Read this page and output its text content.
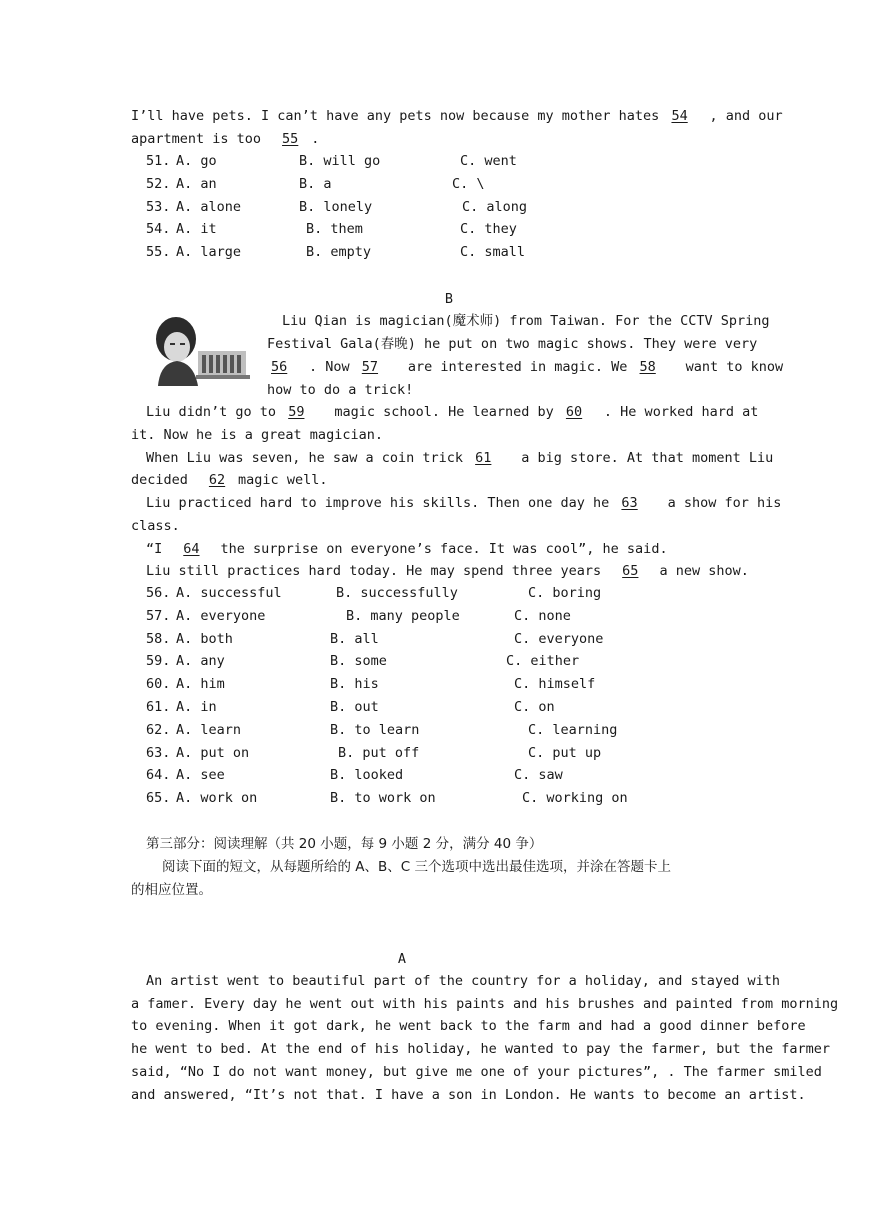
I’ll have pets. I can’t have any pets now because my mother hates 54 , and our
apartment is too 55 .
51. A. go	B. will go	C. went
52. A. an	B. a	C. \
53. A. alone	B. lonely	C. along
54. A. it	B. them	C. they
55. A. large	B. empty	C. small
B
Liu Qian is magician(魔术师) from Taiwan. For the CCTV Spring
Festival Gala(春晚) he put on two magic shows. They were very
56 . Now 57 are interested in magic. We 58 want to know
how to do a trick!
Liu didn’t go to 59 magic school. He learned by 60 . He worked hard at
it. Now he is a great magician.
When Liu was seven, he saw a coin trick 61 a big store. At that moment Liu
decided 62 magic well.
Liu practiced hard to improve his skills. Then one day he 63 a show for his
class.
“I 64 the surprise on everyone’s face. It was cool”, he said.
Liu still practices hard today. He may spend three years 65 a new show.
56. A. successful	B. successfully	C. boring
57. A. everyone	B. many people	C. none
58. A. both	B. all	C. everyone
59. A. any	B. some	C. either
60. A. him	B. his	C. himself
61. A. in	B. out	C. on
62. A. learn	B. to learn	C. learning
63. A. put on	B. put off	C. put up
64. A. see	B. looked	C. saw
65. A. work on	B. to work on	C. working on
第三部分：阅读理解（共 20 小题，每 9 小题 2 分，满分 40 争）
阅读下面的短文，从每题所给的 A、B、C 三个选项中选出最佳选项，并涂在答题卡上
的相应位置。
A
An artist went to beautiful part of the country for a holiday, and stayed with
a famer. Every day he went out with his paints and his brushes and painted from morning
to evening. When it got dark, he went back to the farm and had a good dinner before
he went to bed. At the end of his holiday, he wanted to pay the farmer, but the farmer
said, “No I do not want money, but give me one of your pictures”, . The farmer smiled
and answered, “It’s not that. I have a son in London. He wants to become an artist.
